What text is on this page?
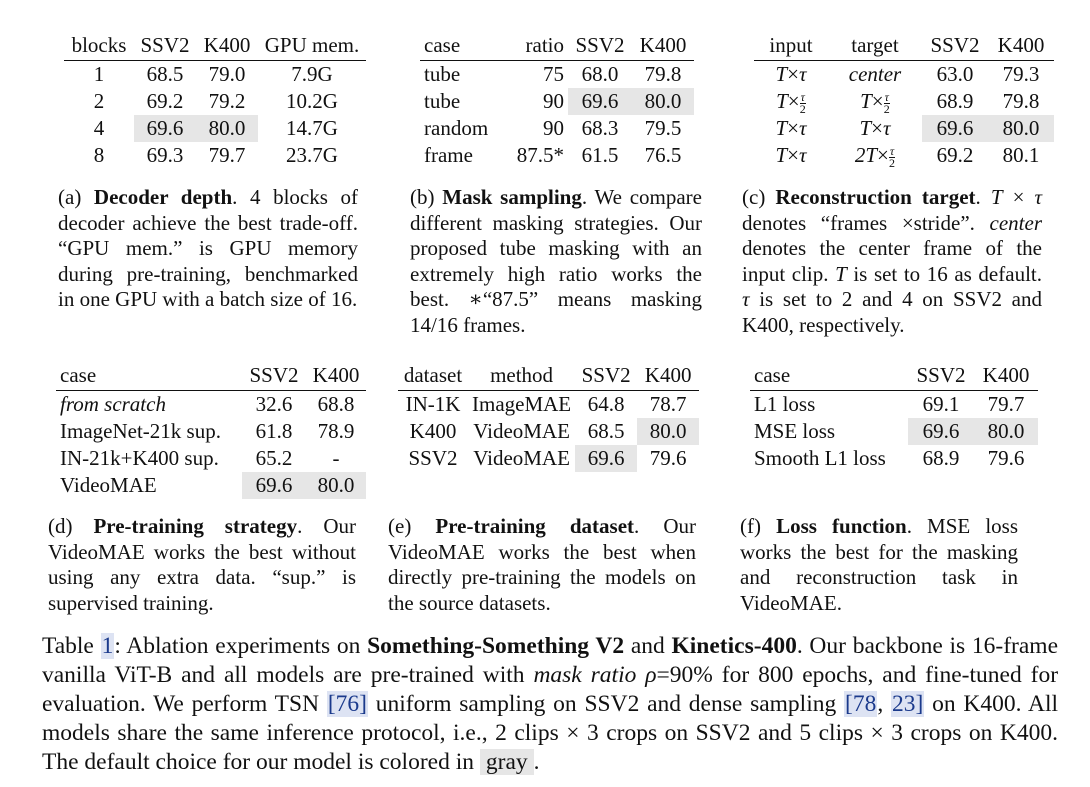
blocks	SSV2	K400	GPU mem.
1	68.5	79.0	7.9G
2	69.2	79.2	10.2G
4	69.6	80.0	14.7G
8	69.3	79.7	23.7G
(a) Decoder depth. 4 blocks of decoder achieve the best trade-off. “GPU mem.” is GPU memory during pre-training, benchmarked in one GPU with a batch size of 16.
case	ratio	SSV2	K400
tube	75	68.0	79.8
tube	90	69.6	80.0
random	90	68.3	79.5
frame	87.5*	61.5	76.5
(b) Mask sampling. We compare different masking strategies. Our proposed tube masking with an extremely high ratio works the best. ∗“87.5” means masking 14/16 frames.
input	target	SSV2	K400
T×τ	center	63.0	79.3
$T\times \frac{\tau}{2}$	$T\times \frac{\tau}{2}$	68.9	79.8
T×τ	T×τ	69.6	80.0
T×τ	$2T\times \frac{\tau}{2}$	69.2	80.1
(c) Reconstruction target. T × τ denotes “frames ×stride”. center denotes the center frame of the input clip. T is set to 16 as default. τ is set to 2 and 4 on SSV2 and K400, respectively.
case	SSV2	K400
from scratch	32.6	68.8
ImageNet-21k sup.	61.8	78.9
IN-21k+K400 sup.	65.2	-
VideoMAE	69.6	80.0
(d) Pre-training strategy. Our VideoMAE works the best without using any extra data. “sup.” is supervised training.
dataset	method	SSV2	K400
IN-1K	ImageMAE	64.8	78.7
K400	VideoMAE	68.5	80.0
SSV2	VideoMAE	69.6	79.6
(e) Pre-training dataset. Our VideoMAE works the best when directly pre-training the models on the source datasets.
case	SSV2	K400
L1 loss	69.1	79.7
MSE loss	69.6	80.0
Smooth L1 loss	68.9	79.6
(f) Loss function. MSE loss works the best for the masking and reconstruction task in VideoMAE.
Table 1: Ablation experiments on Something-Something V2 and Kinetics-400. Our backbone is 16-frame vanilla ViT-B and all models are pre-trained with mask ratio ρ=90% for 800 epochs, and fine-tuned for evaluation. We perform TSN [76] uniform sampling on SSV2 and dense sampling [78, 23] on K400. All models share the same inference protocol, i.e., 2 clips × 3 crops on SSV2 and 5 clips × 3 crops on K400. The default choice for our model is colored in gray .
